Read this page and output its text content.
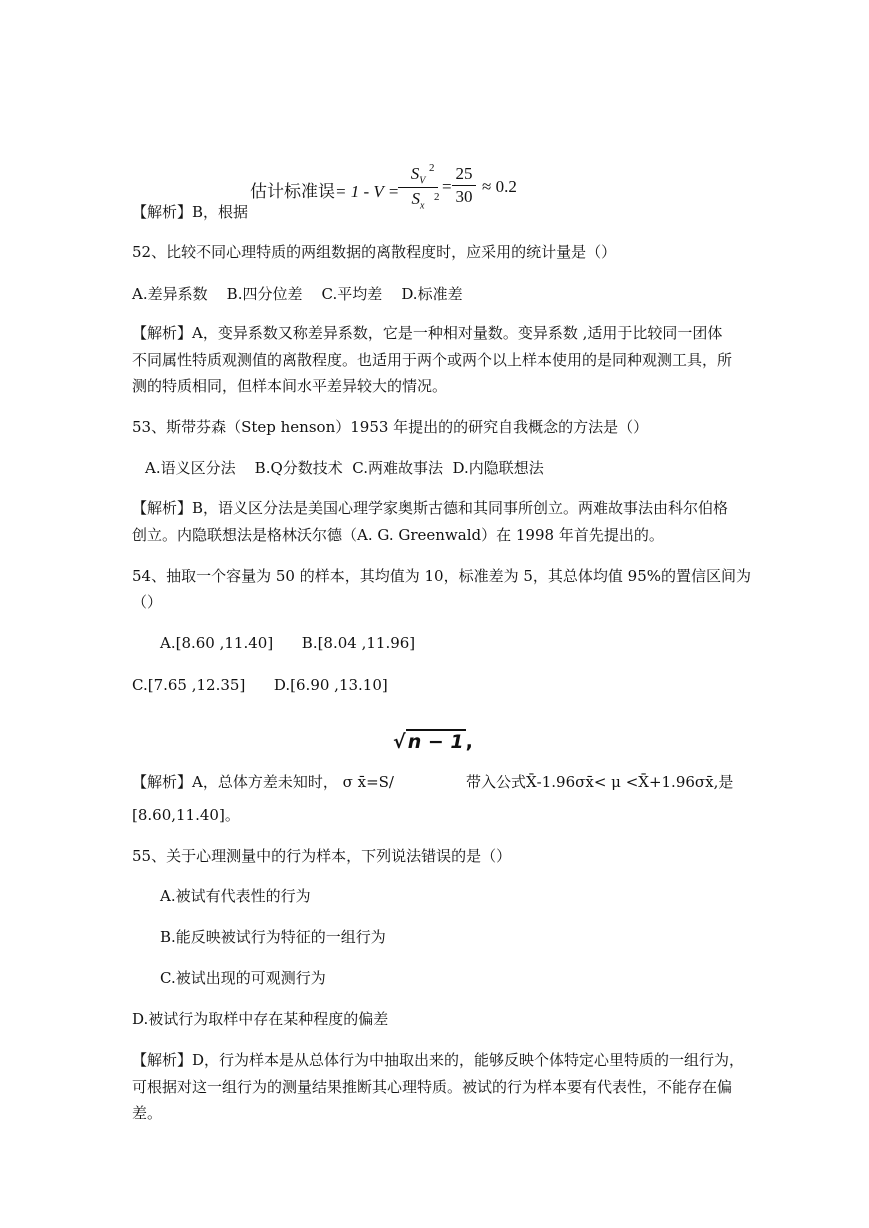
估计标准误= 1 - V =
$S_V$
$S_x$
2
2
=
25
30
≈ 0.2
【解析】B，根据
52、比较不同心理特质的两组数据的离散程度时，应采用的统计量是（）
A.差异系数    B.四分位差    C.平均差    D.标准差
【解析】A，变异系数又称差异系数，它是一种相对量数。变异系数 ,适用于比较同一团体
不同属性特质观测值的离散程度。也适用于两个或两个以上样本使用的是同种观测工具，所
测的特质相同，但样本间水平差异较大的情况。
53、斯带芬森（Step henson）1953 年提出的的研究自我概念的方法是（）
A.语义区分法    B.Q分数技术  C.两难故事法  D.内隐联想法
【解析】B，语义区分法是美国心理学家奥斯古德和其同事所创立。两难故事法由科尔伯格
创立。内隐联想法是格林沃尔德（A. G. Greenwald）在 1998 年首先提出的。
54、抽取一个容量为 50 的样本，其均值为 10，标准差为 5，其总体均值 95%的置信区间为
（）
A.[8.60 ,11.40]      B.[8.04 ,11.96]
C.[7.65 ,12.35]      D.[6.90 ,13.10]
√ n − 1 ,
【解析】A，总体方差未知时， σ x̄=S/	带入公式X̄-1.96σx̄< μ <X̄+1.96σx̄,是
[8.60,11.40]。
55、关于心理测量中的行为样本，下列说法错误的是（）
A.被试有代表性的行为
B.能反映被试行为特征的一组行为
C.被试出现的可观测行为
D.被试行为取样中存在某种程度的偏差
【解析】D，行为样本是从总体行为中抽取出来的，能够反映个体特定心里特质的一组行为，
可根据对这一组行为的测量结果推断其心理特质。被试的行为样本要有代表性，不能存在偏
差。
